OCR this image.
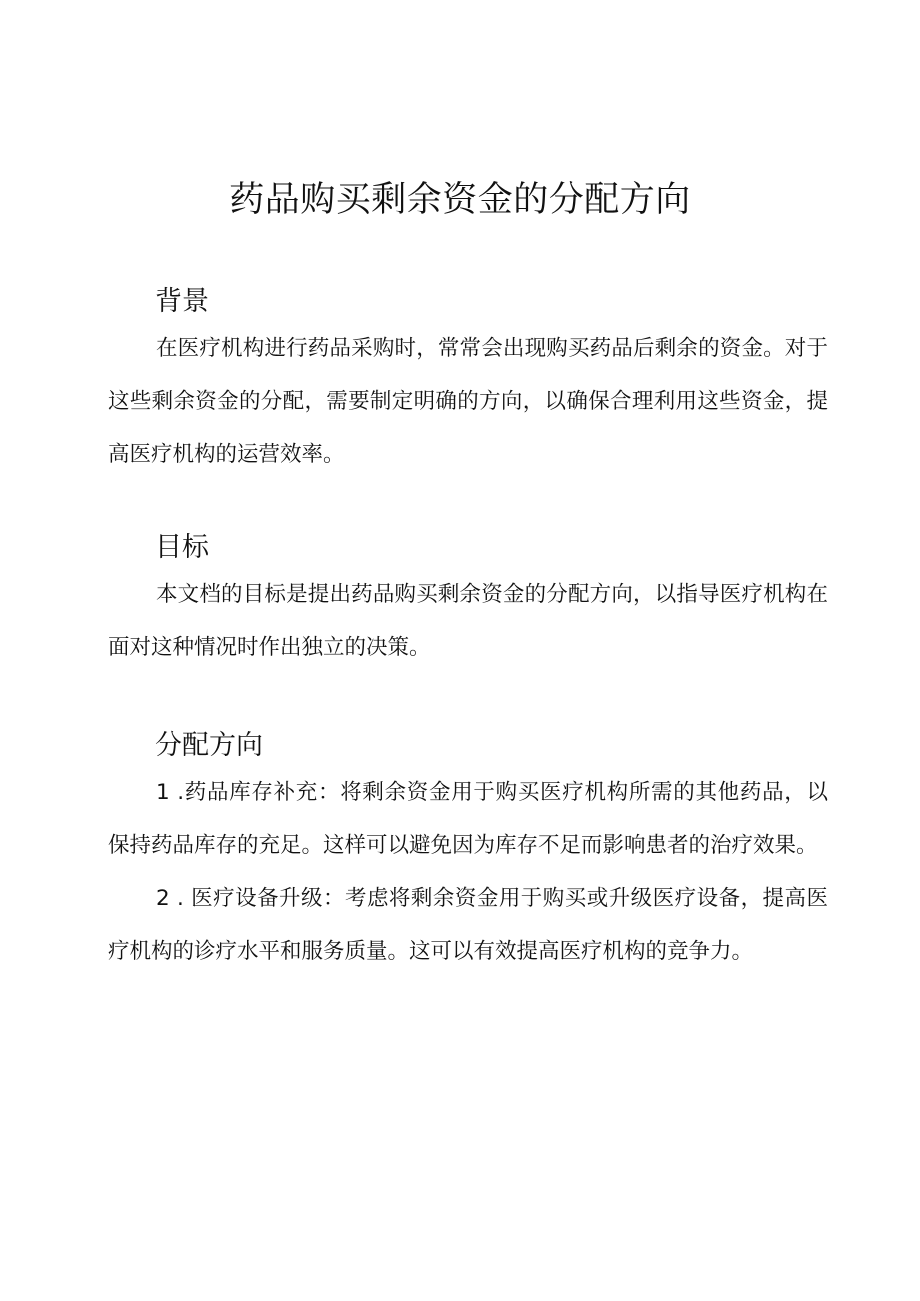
药品购买剩余资金的分配方向
背景

在医疗机构进行药品采购时，常常会出现购买药品后剩余的资金。对于这些剩余资金的分配，需要制定明确的方向，以确保合理利用这些资金，提高医疗机构的运营效率。

目标

本文档的目标是提出药品购买剩余资金的分配方向，以指导医疗机构在面对这种情况时作出独立的决策。

分配方向

1 .药品库存补充：将剩余资金用于购买医疗机构所需的其他药品，以保持药品库存的充足。这样可以避免因为库存不足而影响患者的治疗效果。

2 . 医疗设备升级：考虑将剩余资金用于购买或升级医疗设备，提高医疗机构的诊疗水平和服务质量。这可以有效提高医疗机构的竞争力。
